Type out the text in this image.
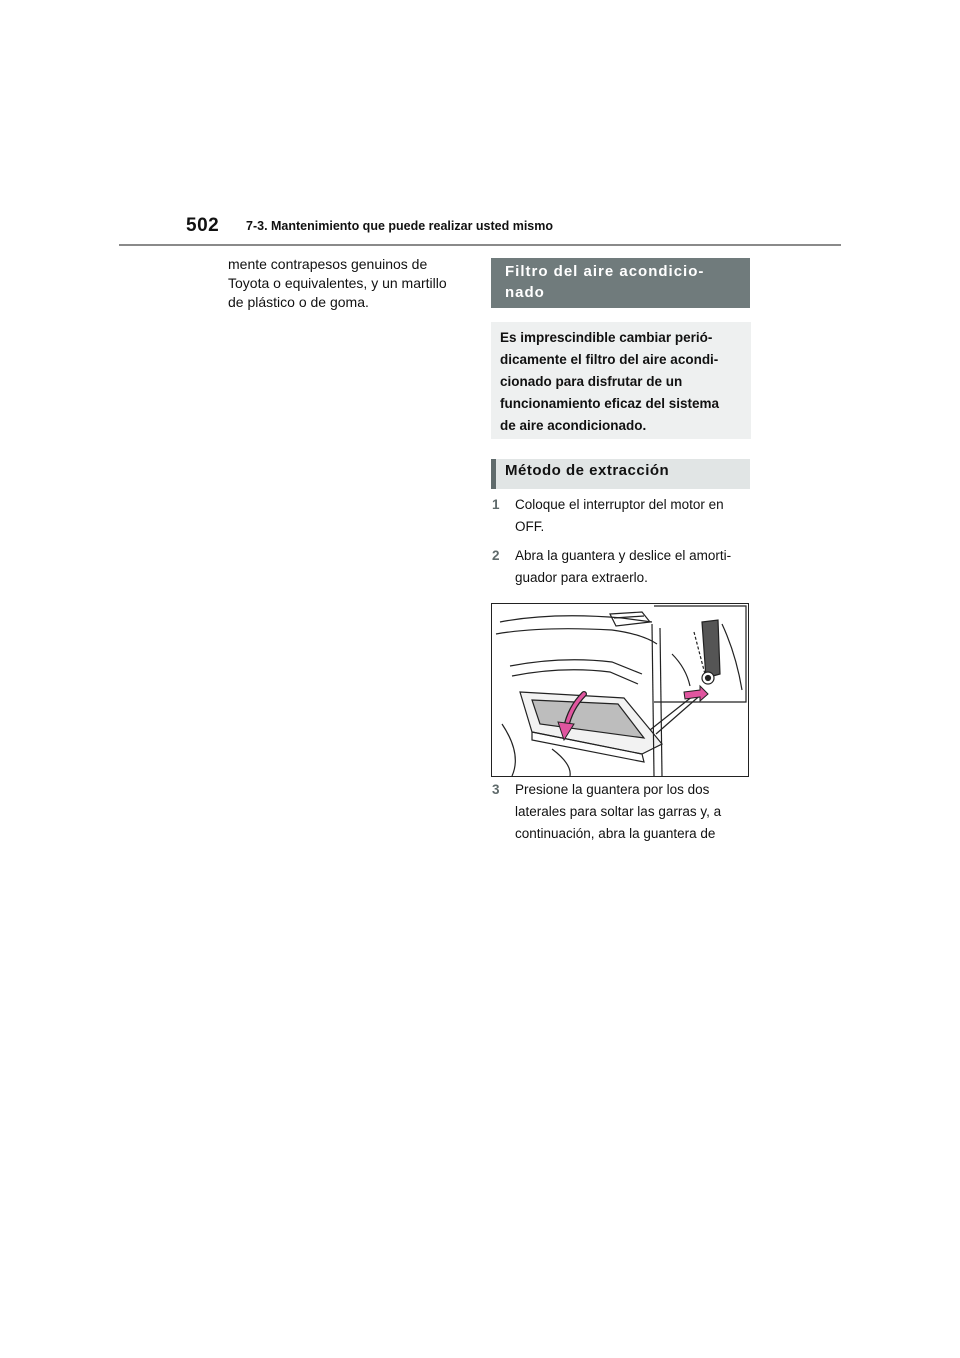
502 7-3. Mantenimiento que puede realizar usted mismo
mente contrapesos genuinos de
Toyota o equivalentes, y un martillo
de plástico o de goma.
Filtro del aire acondicio-
nado
Es imprescindible cambiar perió-
dicamente el filtro del aire acondi-
cionado para disfrutar de un
funcionamiento eficaz del sistema
de aire acondicionado.
Método de extracción
1	Coloque el interruptor del motor en
OFF.
2	Abra la guantera y deslice el amorti-
guador para extraerlo.
3	Presione la guantera por los dos
laterales para soltar las garras y, a
continuación, abra la guantera de
